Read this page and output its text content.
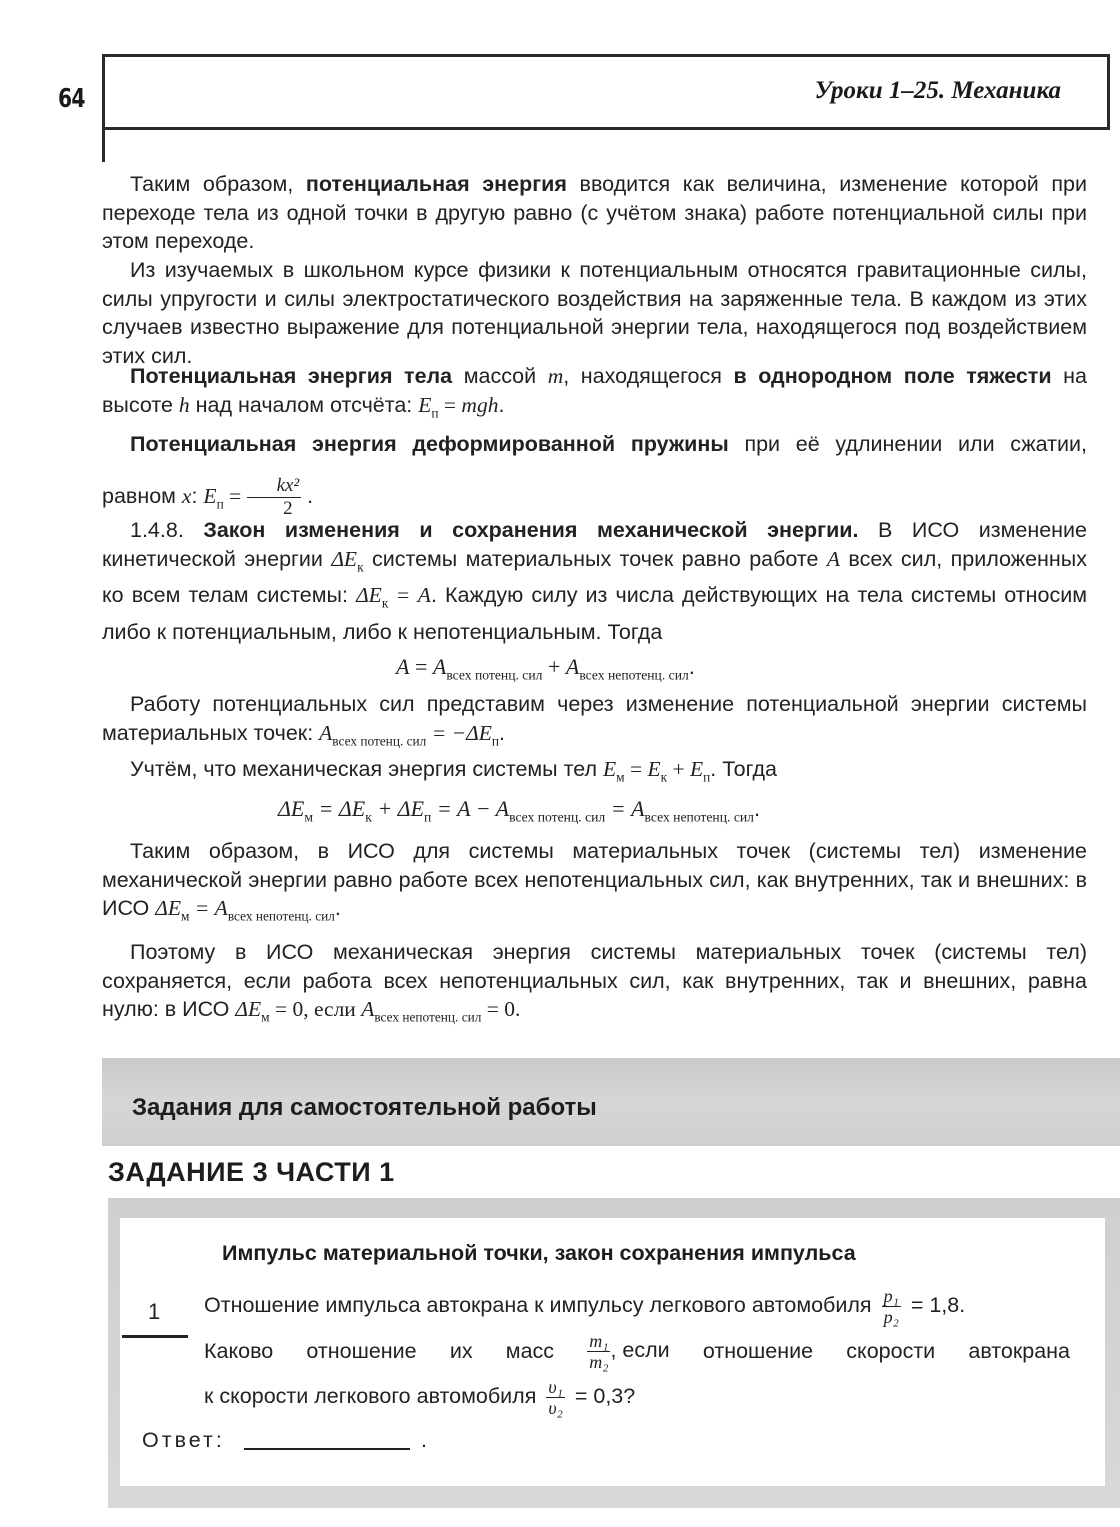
64	Уроки 1–25. Механика
Таким образом, потенциальная энергия вводится как величина, изменение которой при переходе тела из одной точки в другую равно (с учётом знака) работе потенциальной силы при этом переходе.
Из изучаемых в школьном курсе физики к потенциальным относятся гравитационные силы, силы упругости и силы электростатического воздействия на заряженные тела. В каждом из этих случаев известно выражение для потенциальной энергии тела, находящегося под воздействием этих сил.
Потенциальная энергия тела массой m, находящегося в однородном поле тяжести на высоте h над началом отсчёта: $E_п$ = mgh.
Потенциальная энергия деформированной пружины при её удлинении или сжатии, равном x: $E_п = \frac{\text{kx²}}{2}$ .
1.4.8. Закон изменения и сохранения механической энергии. В ИСО изменение кинетической энергии $\Delta E_к$ системы материальных точек равно работе A всех сил, приложенных ко всем телам системы: $\Delta E_к = A$. Каждую силу из числа действующих на тела системы относим либо к потенциальным, либо к непотенциальным. Тогда
$A = A_{всех потенц. сил} + A_{всех непотенц. сил}$.
Работу потенциальных сил представим через изменение потенциальной энергии системы материальных точек: $A_{всех потенц. сил} = -\Delta E_п$.
Учтём, что механическая энергия системы тел $E_м = E_к + E_п$. Тогда
$\Delta E_м = \Delta E_к + \Delta E_п = A - A_{всех потенц. сил} = A_{всех непотенц. сил}$.
Таким образом, в ИСО для системы материальных точек (системы тел) изменение механической энергии равно работе всех непотенциальных сил, как внутренних, так и внешних: в ИСО $\Delta E_м = A_{всех непотенц. сил}$.
Поэтому в ИСО механическая энергия системы материальных точек (системы тел) сохраняется, если работа всех непотенциальных сил, как внутренних, так и внешних, равна нулю: в ИСО $\Delta E_м = 0$, если $A_{всех непотенц. сил} = 0$.
Задания для самостоятельной работы
ЗАДАНИЕ 3 ЧАСТИ 1
Импульс материальной точки, закон сохранения импульса
1 Отношение импульса автокрана к импульсу легкового автомобиля $\frac{\text{p₁}}{\text{p₂}} = 1,8$.
Каково отношение их масс $\frac{\text{m₁}}{\text{m₂}}$ , если отношение скорости автокрана
к скорости легкового автомобиля $\frac{\text{υ₁}}{\text{υ₂}} = 0,3$?
Ответ:	.
